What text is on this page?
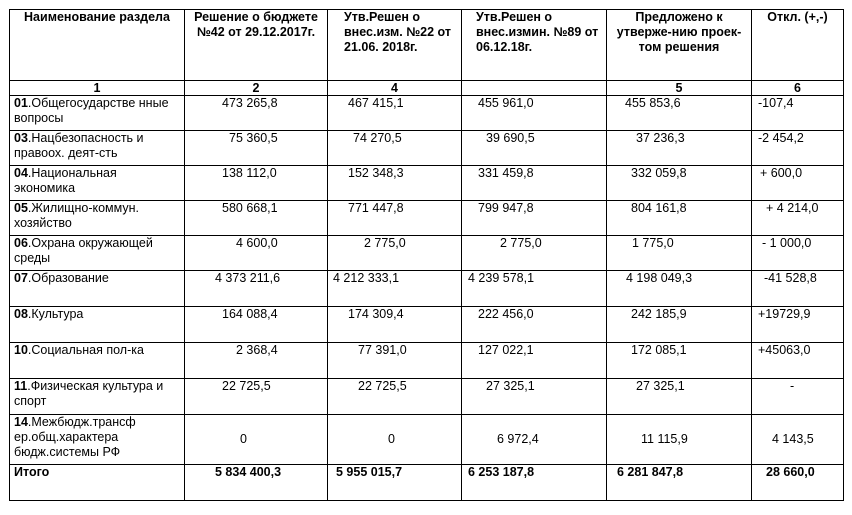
Наименование раздела	Решение о бюджете №42 от 29.12.2017г.	Утв.Решен о внес.изм. №22 от 21.06. 2018г.	Утв.Решен о внес.измин. №89 от 06.12.18г.	Предложено к утверже-нию проек-том решения	Откл. (+,-)
1	2	4		5	6
01.Общегосударстве нные вопросы	473 265,8	467 415,1	455 961,0	455 853,6	-107,4
03.Нацбезопасность и правоох. деят-сть	75 360,5	74 270,5	39 690,5	37 236,3	-2 454,2
04.Национальная экономика	138 112,0	152 348,3	331 459,8	332 059,8	+ 600,0
05.Жилищно-коммун. хозяйство	580 668,1	771 447,8	799 947,8	804 161,8	+ 4 214,0
06.Охрана окружающей среды	4 600,0	2 775,0	2 775,0	1 775,0	- 1 000,0
07.Образование	4 373 211,6	4 212 333,1	4 239 578,1	4 198 049,3	-41 528,8
08.Культура	164 088,4	174 309,4	222 456,0	242 185,9	+19729,9
10.Социальная пол-ка	2 368,4	77 391,0	127 022,1	172 085,1	+45063,0
11.Физическая культура и спорт	22 725,5	22 725,5	27 325,1	27 325,1	-
14.Межбюдж.трансф ер.общ.характера бюдж.системы РФ	0	0	6 972,4	11 115,9	4 143,5
Итого	5 834 400,3	5 955 015,7	6 253 187,8	6 281 847,8	28 660,0
